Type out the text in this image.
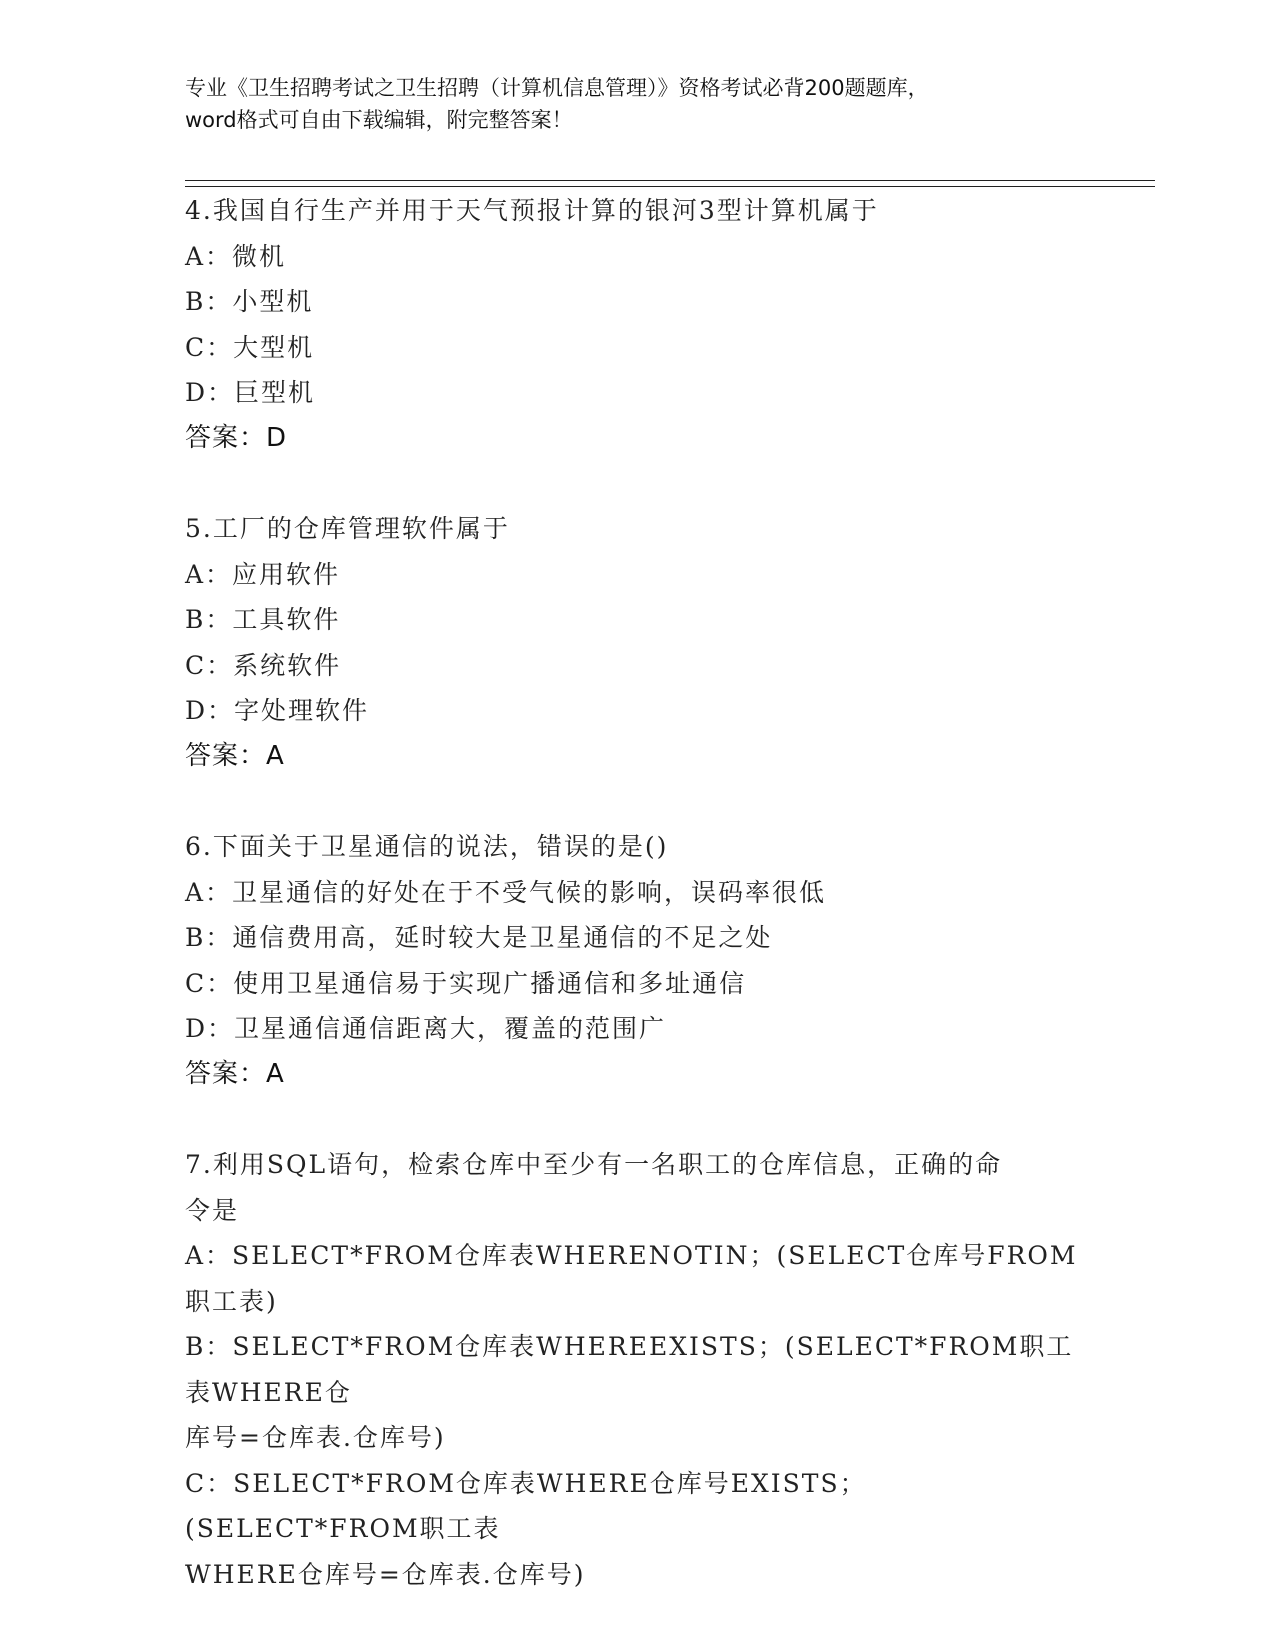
专业《卫生招聘考试之卫生招聘（计算机信息管理）》资格考试必背200题题库，
word格式可自由下载编辑，附完整答案！
4.我国自行生产并用于天气预报计算的银河3型计算机属于
A：微机
B：小型机
C：大型机
D：巨型机
答案：D
5.工厂的仓库管理软件属于
A：应用软件
B：工具软件
C：系统软件
D：字处理软件
答案：A
6.下面关于卫星通信的说法，错误的是()
A：卫星通信的好处在于不受气候的影响，误码率很低
B：通信费用高，延时较大是卫星通信的不足之处
C：使用卫星通信易于实现广播通信和多址通信
D：卫星通信通信距离大，覆盖的范围广
答案：A
7.利用SQL语句，检索仓库中至少有一名职工的仓库信息，正确的命
令是
A：SELECT*FROM仓库表WHERENOTIN；(SELECT仓库号FROM职工表)
B：SELECT*FROM仓库表WHEREEXISTS；(SELECT*FROM职工表WHERE仓
库号=仓库表.仓库号)
C：SELECT*FROM仓库表WHERE仓库号EXISTS；(SELECT*FROM职工表
WHERE仓库号=仓库表.仓库号)
